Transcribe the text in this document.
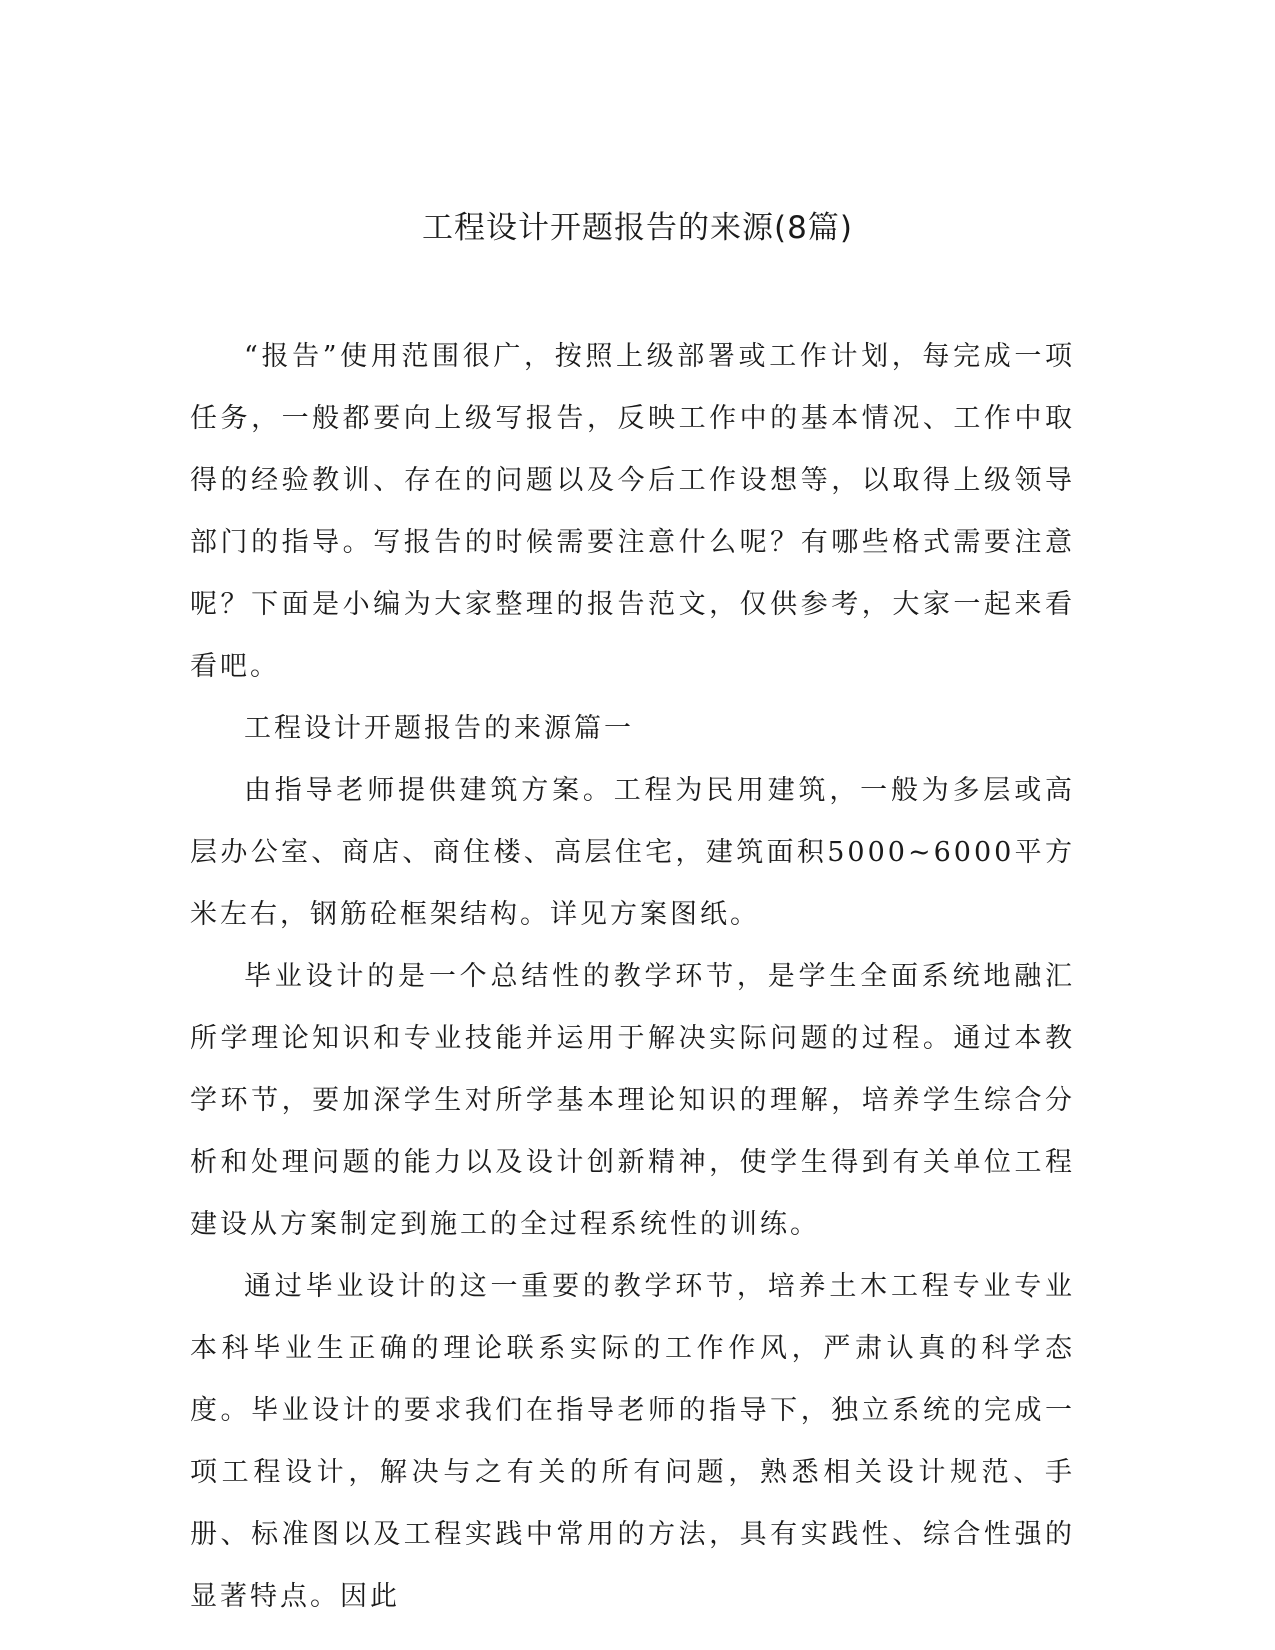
工程设计开题报告的来源(8篇)

“报告”使用范围很广，按照上级部署或工作计划，每完成一项任务，一般都要向上级写报告，反映工作中的基本情况、工作中取得的经验教训、存在的问题以及今后工作设想等，以取得上级领导部门的指导。写报告的时候需要注意什么呢？有哪些格式需要注意呢？下面是小编为大家整理的报告范文，仅供参考，大家一起来看看吧。

工程设计开题报告的来源篇一

由指导老师提供建筑方案。工程为民用建筑，一般为多层或高层办公室、商店、商住楼、高层住宅，建筑面积5000~6000平方米左右，钢筋砼框架结构。详见方案图纸。

毕业设计的是一个总结性的教学环节，是学生全面系统地融汇所学理论知识和专业技能并运用于解决实际问题的过程。通过本教学环节，要加深学生对所学基本理论知识的理解，培养学生综合分析和处理问题的能力以及设计创新精神，使学生得到有关单位工程建设从方案制定到施工的全过程系统性的训练。

通过毕业设计的这一重要的教学环节，培养土木工程专业专业本科毕业生正确的理论联系实际的工作作风，严肃认真的科学态度。毕业设计的要求我们在指导老师的指导下，独立系统的完成一项工程设计，解决与之有关的所有问题，熟悉相关设计规范、手册、标准图以及工程实践中常用的方法，具有实践性、综合性强的显著特点。因此
